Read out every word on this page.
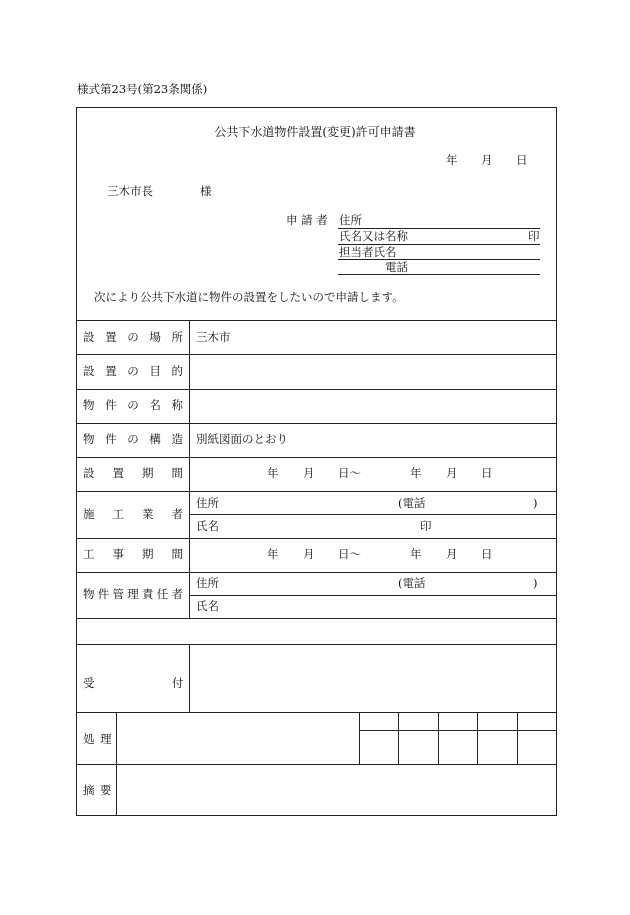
様式第23号(第23条関係)
公共下水道物件設置(変更)許可申請書
年 月 日
三木市長	様
申 請 者 住所
氏名又は名称	印
担当者氏名
電話
次により公共下水道に物件の設置をしたいので申請します。
設 置 の 場 所 三木市
設 置 の 目 的
物 件 の 名 称
物 件 の 構 造 別紙図面のとおり
設 置 期 間	年 月 日～	年 月 日
施 工 業 者
住所	(電話	)
氏名	印
工 事 期 間	年 月 日～	年 月 日
物 件 管 理 責 任 者
住所	(電話	)
氏名
受	付
処 理
摘 要
